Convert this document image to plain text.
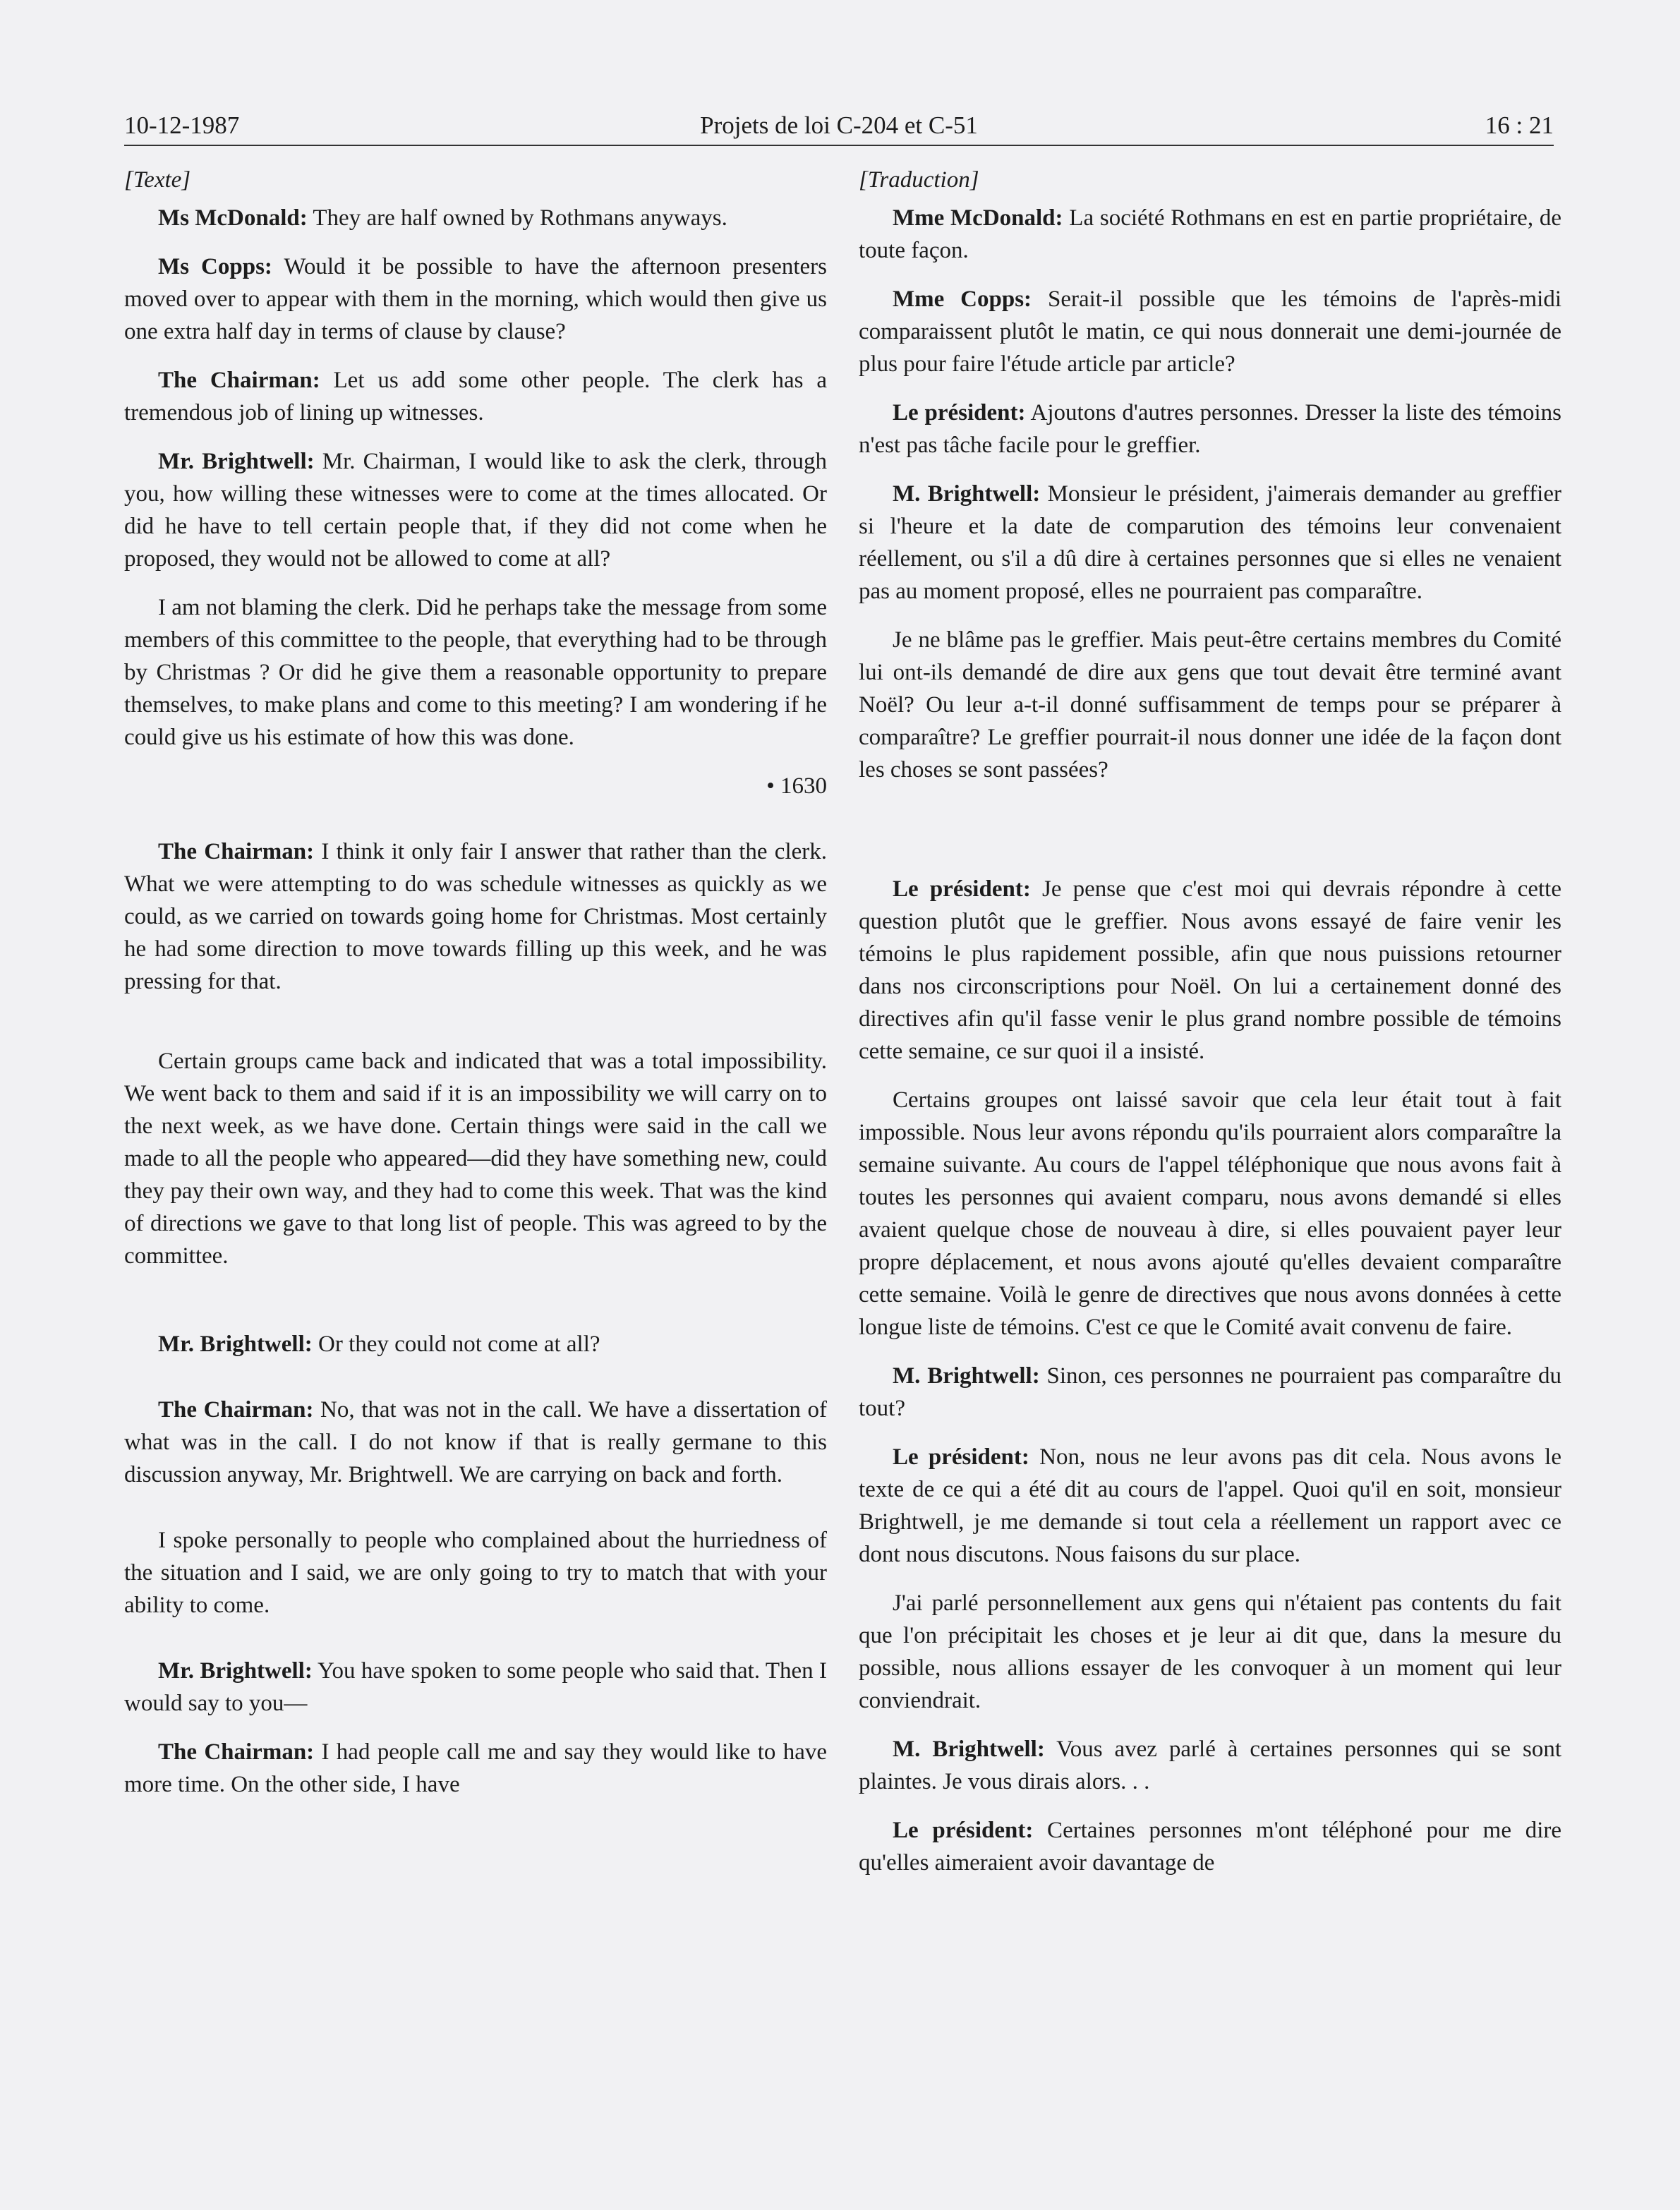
10-12-1987	Projets de loi C-204 et C-51	16 : 21

[Texte]

Ms McDonald: They are half owned by Rothmans anyways.

Ms Copps: Would it be possible to have the afternoon presenters moved over to appear with them in the morning, which would then give us one extra half day in terms of clause by clause?

The Chairman: Let us add some other people. The clerk has a tremendous job of lining up witnesses.

Mr. Brightwell: Mr. Chairman, I would like to ask the clerk, through you, how willing these witnesses were to come at the times allocated. Or did he have to tell certain people that, if they did not come when he proposed, they would not be allowed to come at all?

I am not blaming the clerk. Did he perhaps take the message from some members of this committee to the people, that everything had to be through by Christmas ? Or did he give them a reasonable opportunity to prepare themselves, to make plans and come to this meeting? I am wondering if he could give us his estimate of how this was done.

• 1630

The Chairman: I think it only fair I answer that rather than the clerk. What we were attempting to do was schedule witnesses as quickly as we could, as we carried on towards going home for Christmas. Most certainly he had some direction to move towards filling up this week, and he was pressing for that.

Certain groups came back and indicated that was a total impossibility. We went back to them and said if it is an impossibility we will carry on to the next week, as we have done. Certain things were said in the call we made to all the people who appeared—did they have something new, could they pay their own way, and they had to come this week. That was the kind of directions we gave to that long list of people. This was agreed to by the committee.

Mr. Brightwell: Or they could not come at all?

The Chairman: No, that was not in the call. We have a dissertation of what was in the call. I do not know if that is really germane to this discussion anyway, Mr. Brightwell. We are carrying on back and forth.

I spoke personally to people who complained about the hurriedness of the situation and I said, we are only going to try to match that with your ability to come.

Mr. Brightwell: You have spoken to some people who said that. Then I would say to you—

The Chairman: I had people call me and say they would like to have more time. On the other side, I have

[Traduction]

Mme McDonald: La société Rothmans en est en partie propriétaire, de toute façon.

Mme Copps: Serait-il possible que les témoins de l'après-midi comparaissent plutôt le matin, ce qui nous donnerait une demi-journée de plus pour faire l'étude article par article?

Le président: Ajoutons d'autres personnes. Dresser la liste des témoins n'est pas tâche facile pour le greffier.

M. Brightwell: Monsieur le président, j'aimerais demander au greffier si l'heure et la date de comparution des témoins leur convenaient réellement, ou s'il a dû dire à certaines personnes que si elles ne venaient pas au moment proposé, elles ne pourraient pas comparaître.

Je ne blâme pas le greffier. Mais peut-être certains membres du Comité lui ont-ils demandé de dire aux gens que tout devait être terminé avant Noël? Ou leur a-t-il donné suffisamment de temps pour se préparer à comparaître? Le greffier pourrait-il nous donner une idée de la façon dont les choses se sont passées?

Le président: Je pense que c'est moi qui devrais répondre à cette question plutôt que le greffier. Nous avons essayé de faire venir les témoins le plus rapidement possible, afin que nous puissions retourner dans nos circonscriptions pour Noël. On lui a certainement donné des directives afin qu'il fasse venir le plus grand nombre possible de témoins cette semaine, ce sur quoi il a insisté.

Certains groupes ont laissé savoir que cela leur était tout à fait impossible. Nous leur avons répondu qu'ils pourraient alors comparaître la semaine suivante. Au cours de l'appel téléphonique que nous avons fait à toutes les personnes qui avaient comparu, nous avons demandé si elles avaient quelque chose de nouveau à dire, si elles pouvaient payer leur propre déplacement, et nous avons ajouté qu'elles devaient comparaître cette semaine. Voilà le genre de directives que nous avons données à cette longue liste de témoins. C'est ce que le Comité avait convenu de faire.

M. Brightwell: Sinon, ces personnes ne pourraient pas comparaître du tout?

Le président: Non, nous ne leur avons pas dit cela. Nous avons le texte de ce qui a été dit au cours de l'appel. Quoi qu'il en soit, monsieur Brightwell, je me demande si tout cela a réellement un rapport avec ce dont nous discutons. Nous faisons du sur place.

J'ai parlé personnellement aux gens qui n'étaient pas contents du fait que l'on précipitait les choses et je leur ai dit que, dans la mesure du possible, nous allions essayer de les convoquer à un moment qui leur conviendrait.

M. Brightwell: Vous avez parlé à certaines personnes qui se sont plaintes. Je vous dirais alors. . .

Le président: Certaines personnes m'ont téléphoné pour me dire qu'elles aimeraient avoir davantage de
